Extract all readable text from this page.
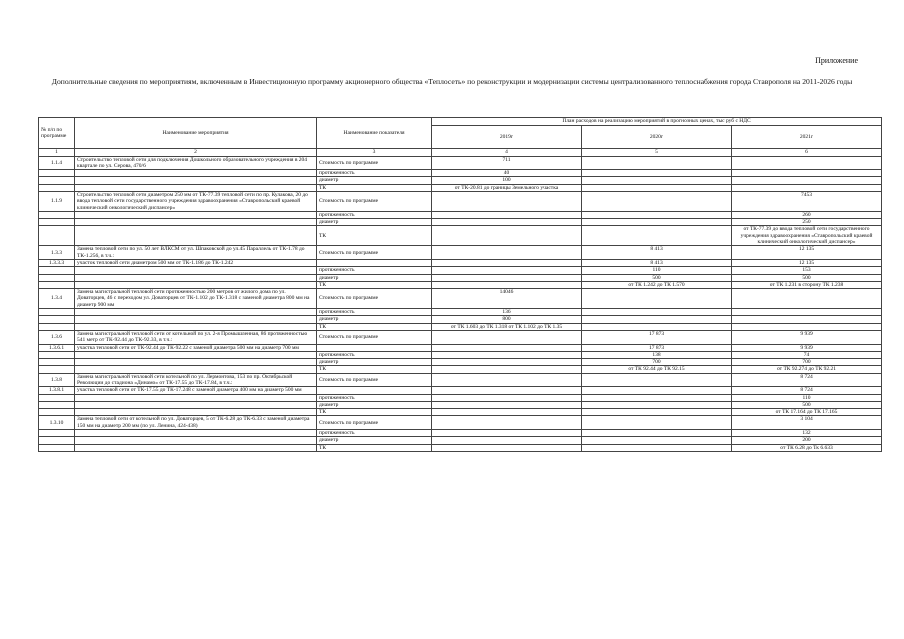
Приложение
Дополнительные сведения по мероприятиям, включенным в Инвестиционную программу акционерного общества «Теплосеть» по реконструкции и модернизации системы централизованного теплоснабжения города Ставрополя на 2011-2026 годы
№ п/п по программе	Наименование мероприятия	Наименование показателя	План расходов на реализацию мероприятий в прогнозных ценах, тыс руб с НДС		
			2019г	2020г	2021г
1	2	3	4	5	6
1.1.4	Строительство тепловой сети для подключения Дошкольного образовательного учреждения в 204 квартале по ул. Серова, 470/6	Стоимость по программе	711		
		протяженность	40		
		диаметр	100		
		ТК	от ТК-20.81 до границы Земельного участка		
1.1.9	Строительство тепловой сети диаметром 250 мм от ТК-77.39 тепловой сети по пр. Кулакова, 20 до ввода тепловой сети государственного учреждения здравоохранения «Ставропольский краевой клинический онкологический диспансер»	Стоимость по программе			7453
		протяженность			260
		диаметр			250
		ТК			от ТК-77.39 до ввода тепловой сети государственного учреждения здравоохранения «Ставропольский краевой клинический онкологический диспансер»
1.3.3	Замена тепловой сети по ул. 50 лет ВЛКСМ от ул. Шпаковской до ул.45 Параллель от ТК-1.78 до ТК-1.256, в т.ч.:	Стоимость по программе		8 413	12 135
1.3.3.3	участок тепловой сети диаметром 500 мм от ТК-1.186 до ТК-1.242			8 413	12 135
		протяженность		110	153
		диаметр		500	500
		ТК		от ТК 1.242 до ТК 1.570	от ТК 1.231 в сторону ТК 1.238
1.3.4	Замена магистральной тепловой сети протяженностью 200 метров от жилого дома по ул. Доваторцев, 46 с переходом ул. Доваторцев от ТК-1.102 до ТК-1.318 с заменой диаметра 800 мм на диаметр 900 мм	Стоимость по программе	14046		
		протяженность	136		
		диаметр	800		
		ТК	от ТК 1.603 до ТК 1.318 от ТК 1.102 до ТК 1.35		
1.3.6	Замена магистральной тепловой сети от котельной по ул. 2-я Промышленная, 86 протяженностью 541 метр от ТК-92.44 до ТК-92.33, в т.ч.:	Стоимость по программе		17 873	9 939
1.3.6.1	участка тепловой сети от ТК-92.44 до ТК-92.22 с заменой диаметра 500 мм на диаметр 700 мм			17 873	9 939
		протяженность		138	74
		диаметр		700	700
		ТК		от ТК 92.44 до ТК 92.15	от ТК 92.274 до ТК 92.21
1.3.8	Замена магистральной тепловой сети котельной по ул. Лермонтова, 153 по пр. Октябрьской Революции до стадиона «Динамо» от ТК-17.55 до ТК-17.84, в т.ч.:	Стоимость по программе			8 724
1.3.8.1	участка тепловой сети от ТК-17.55 до ТК-17.248 с заменой диаметра 400 мм на диаметр 500 мм				8 724
		протяженность			110
		диаметр			500
		ТК			от ТК 17.164 до ТК 17.165
1.3.10	Замена тепловой сети от котельной по ул. Доваторцев, 5 от ТК-6.28 до ТК-6.33 с заменой диаметра 150 мм на диаметр 200 мм (по ул. Ленина, 424-438)	Стоимость по программе			3 104
		протяженность			132
		диаметр			200
		ТК			от ТК 6.28 до Тк 6.633
